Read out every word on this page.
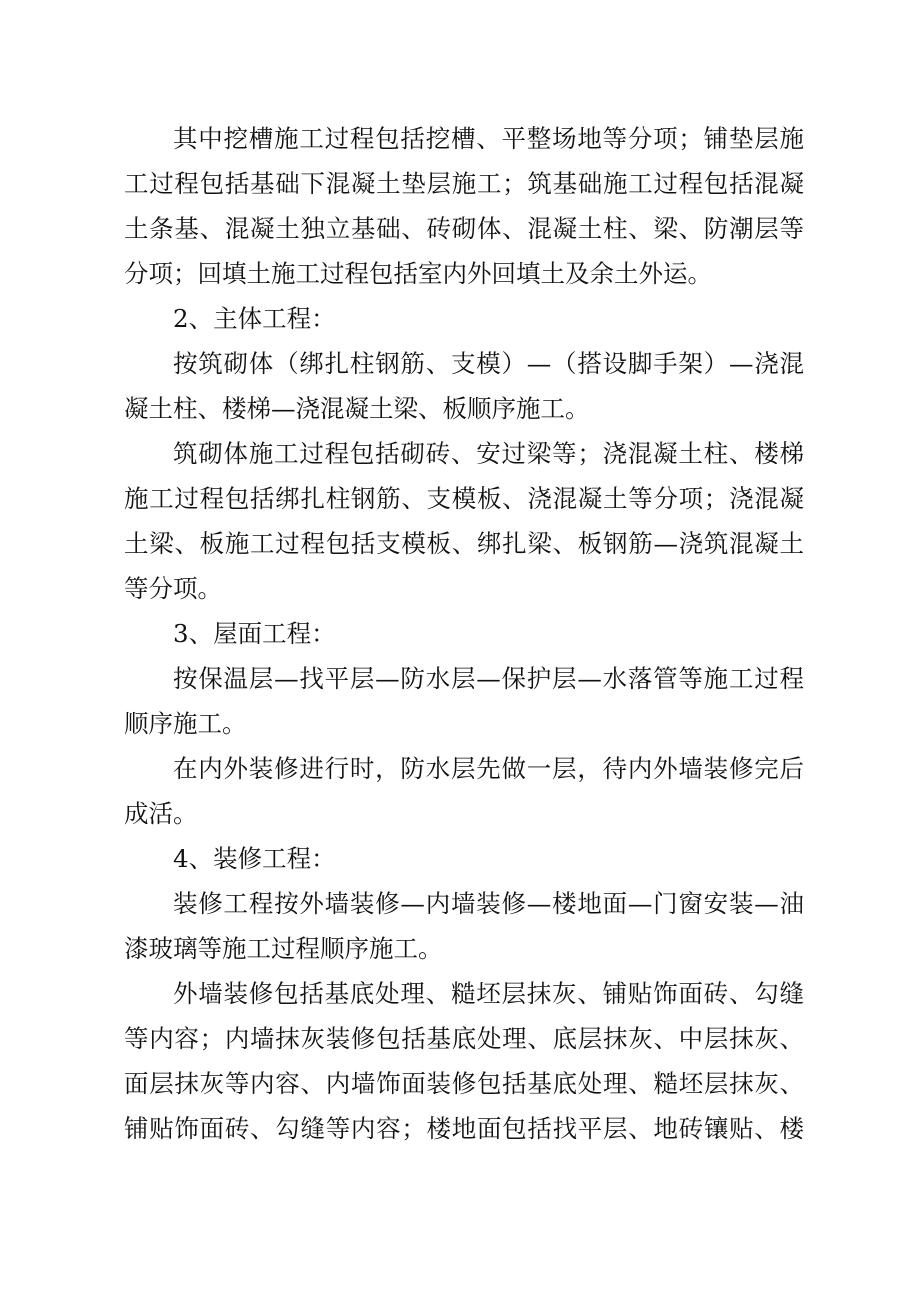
其中挖槽施工过程包括挖槽、平整场地等分项；铺垫层施
工过程包括基础下混凝土垫层施工；筑基础施工过程包括混凝
土条基、混凝土独立基础、砖砌体、混凝土柱、梁、防潮层等
分项；回填土施工过程包括室内外回填土及余土外运。
2、主体工程：
按筑砌体（绑扎柱钢筋、支模）—（搭设脚手架）—浇混
凝土柱、楼梯—浇混凝土梁、板顺序施工。
筑砌体施工过程包括砌砖、安过梁等；浇混凝土柱、楼梯
施工过程包括绑扎柱钢筋、支模板、浇混凝土等分项；浇混凝
土梁、板施工过程包括支模板、绑扎梁、板钢筋—浇筑混凝土
等分项。
3、屋面工程：
按保温层—找平层—防水层—保护层—水落管等施工过程
顺序施工。
在内外装修进行时，防水层先做一层，待内外墙装修完后
成活。
4、装修工程：
装修工程按外墙装修—内墙装修—楼地面—门窗安装—油
漆玻璃等施工过程顺序施工。
外墙装修包括基底处理、糙坯层抹灰、铺贴饰面砖、勾缝
等内容；内墙抹灰装修包括基底处理、底层抹灰、中层抹灰、
面层抹灰等内容、内墙饰面装修包括基底处理、糙坯层抹灰、
铺贴饰面砖、勾缝等内容；楼地面包括找平层、地砖镶贴、楼
